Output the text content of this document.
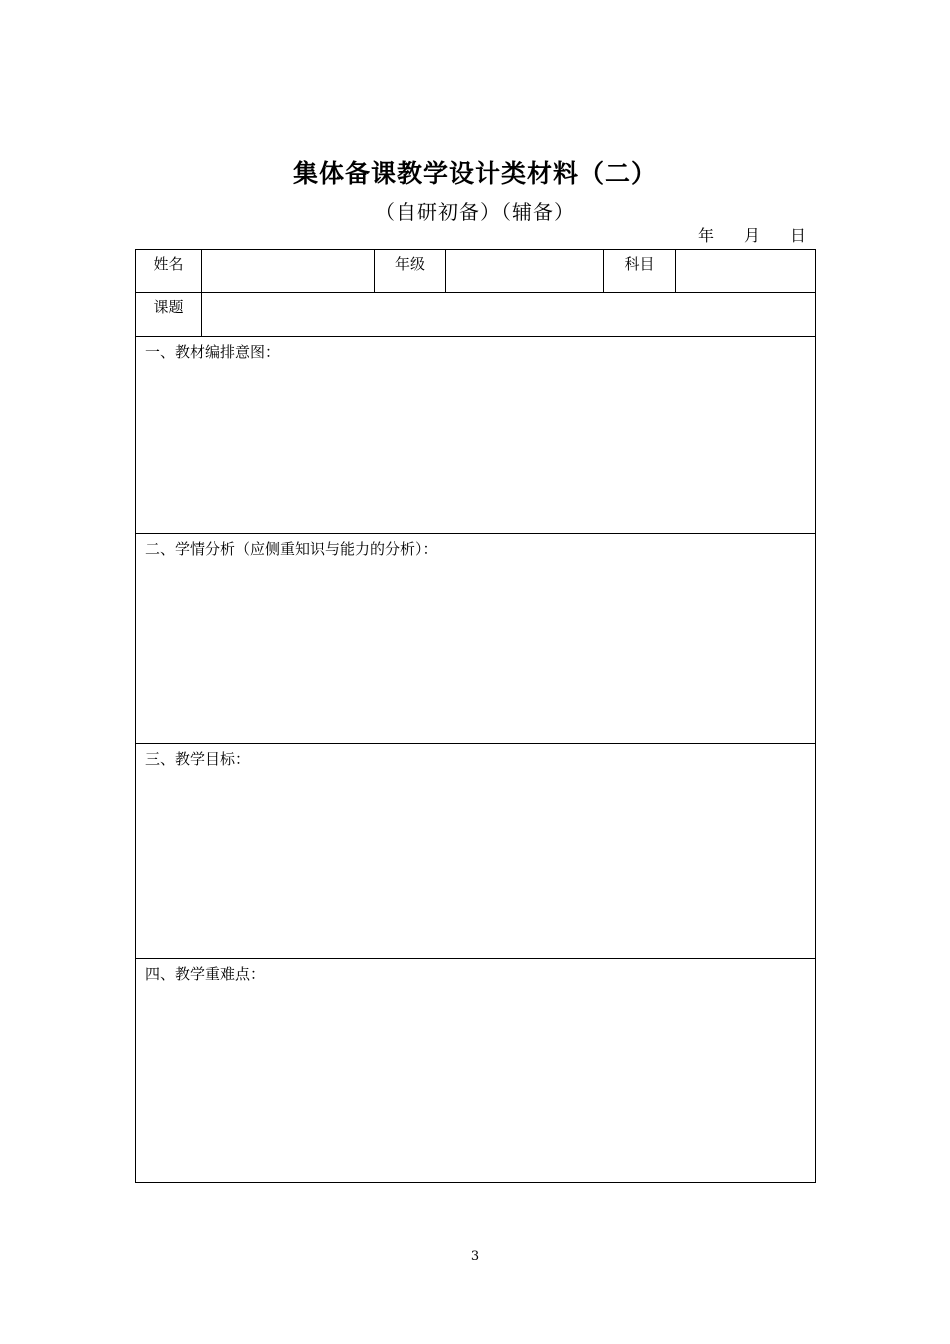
集体备课教学设计类材料（二）
（自研初备）（辅备）
年 月 日
姓名	年级	科目
课题
一、教材编排意图：
二、学情分析（应侧重知识与能力的分析）：
三、教学目标：
四、教学重难点：
3
